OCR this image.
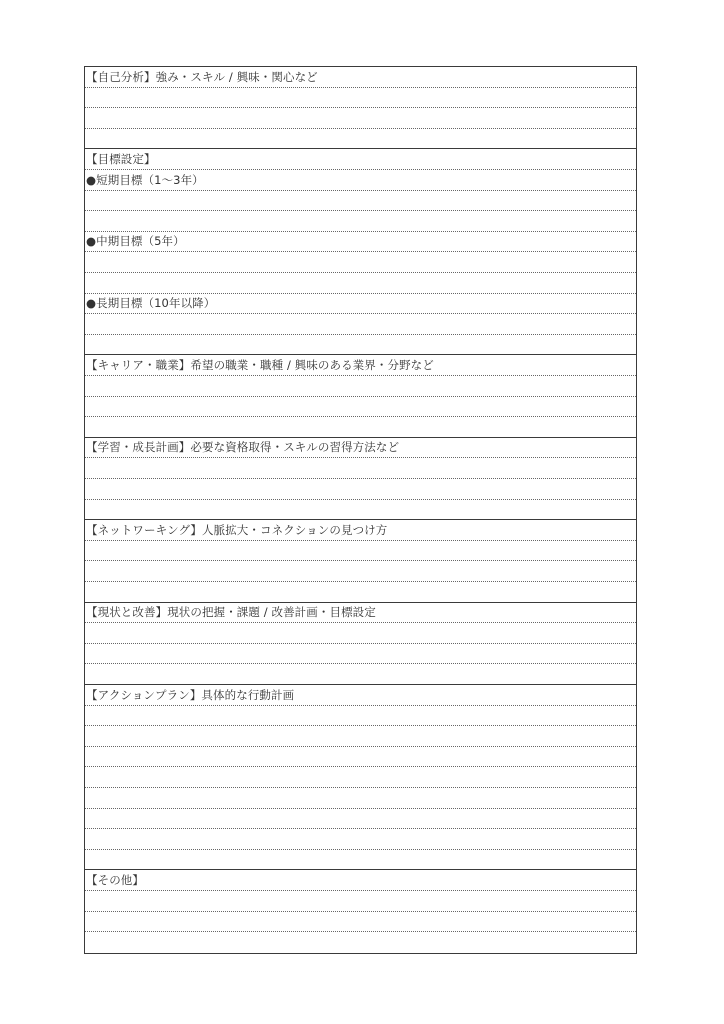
【自己分析】強み・スキル / 興味・関心など
【目標設定】
●短期目標（1〜3年）
●中期目標（5年）
●長期目標（10年以降）
【キャリア・職業】希望の職業・職種 / 興味のある業界・分野など
【学習・成長計画】必要な資格取得・スキルの習得方法など
【ネットワーキング】人脈拡大・コネクションの見つけ方
【現状と改善】現状の把握・課題 / 改善計画・目標設定
【アクションプラン】具体的な行動計画
【その他】
